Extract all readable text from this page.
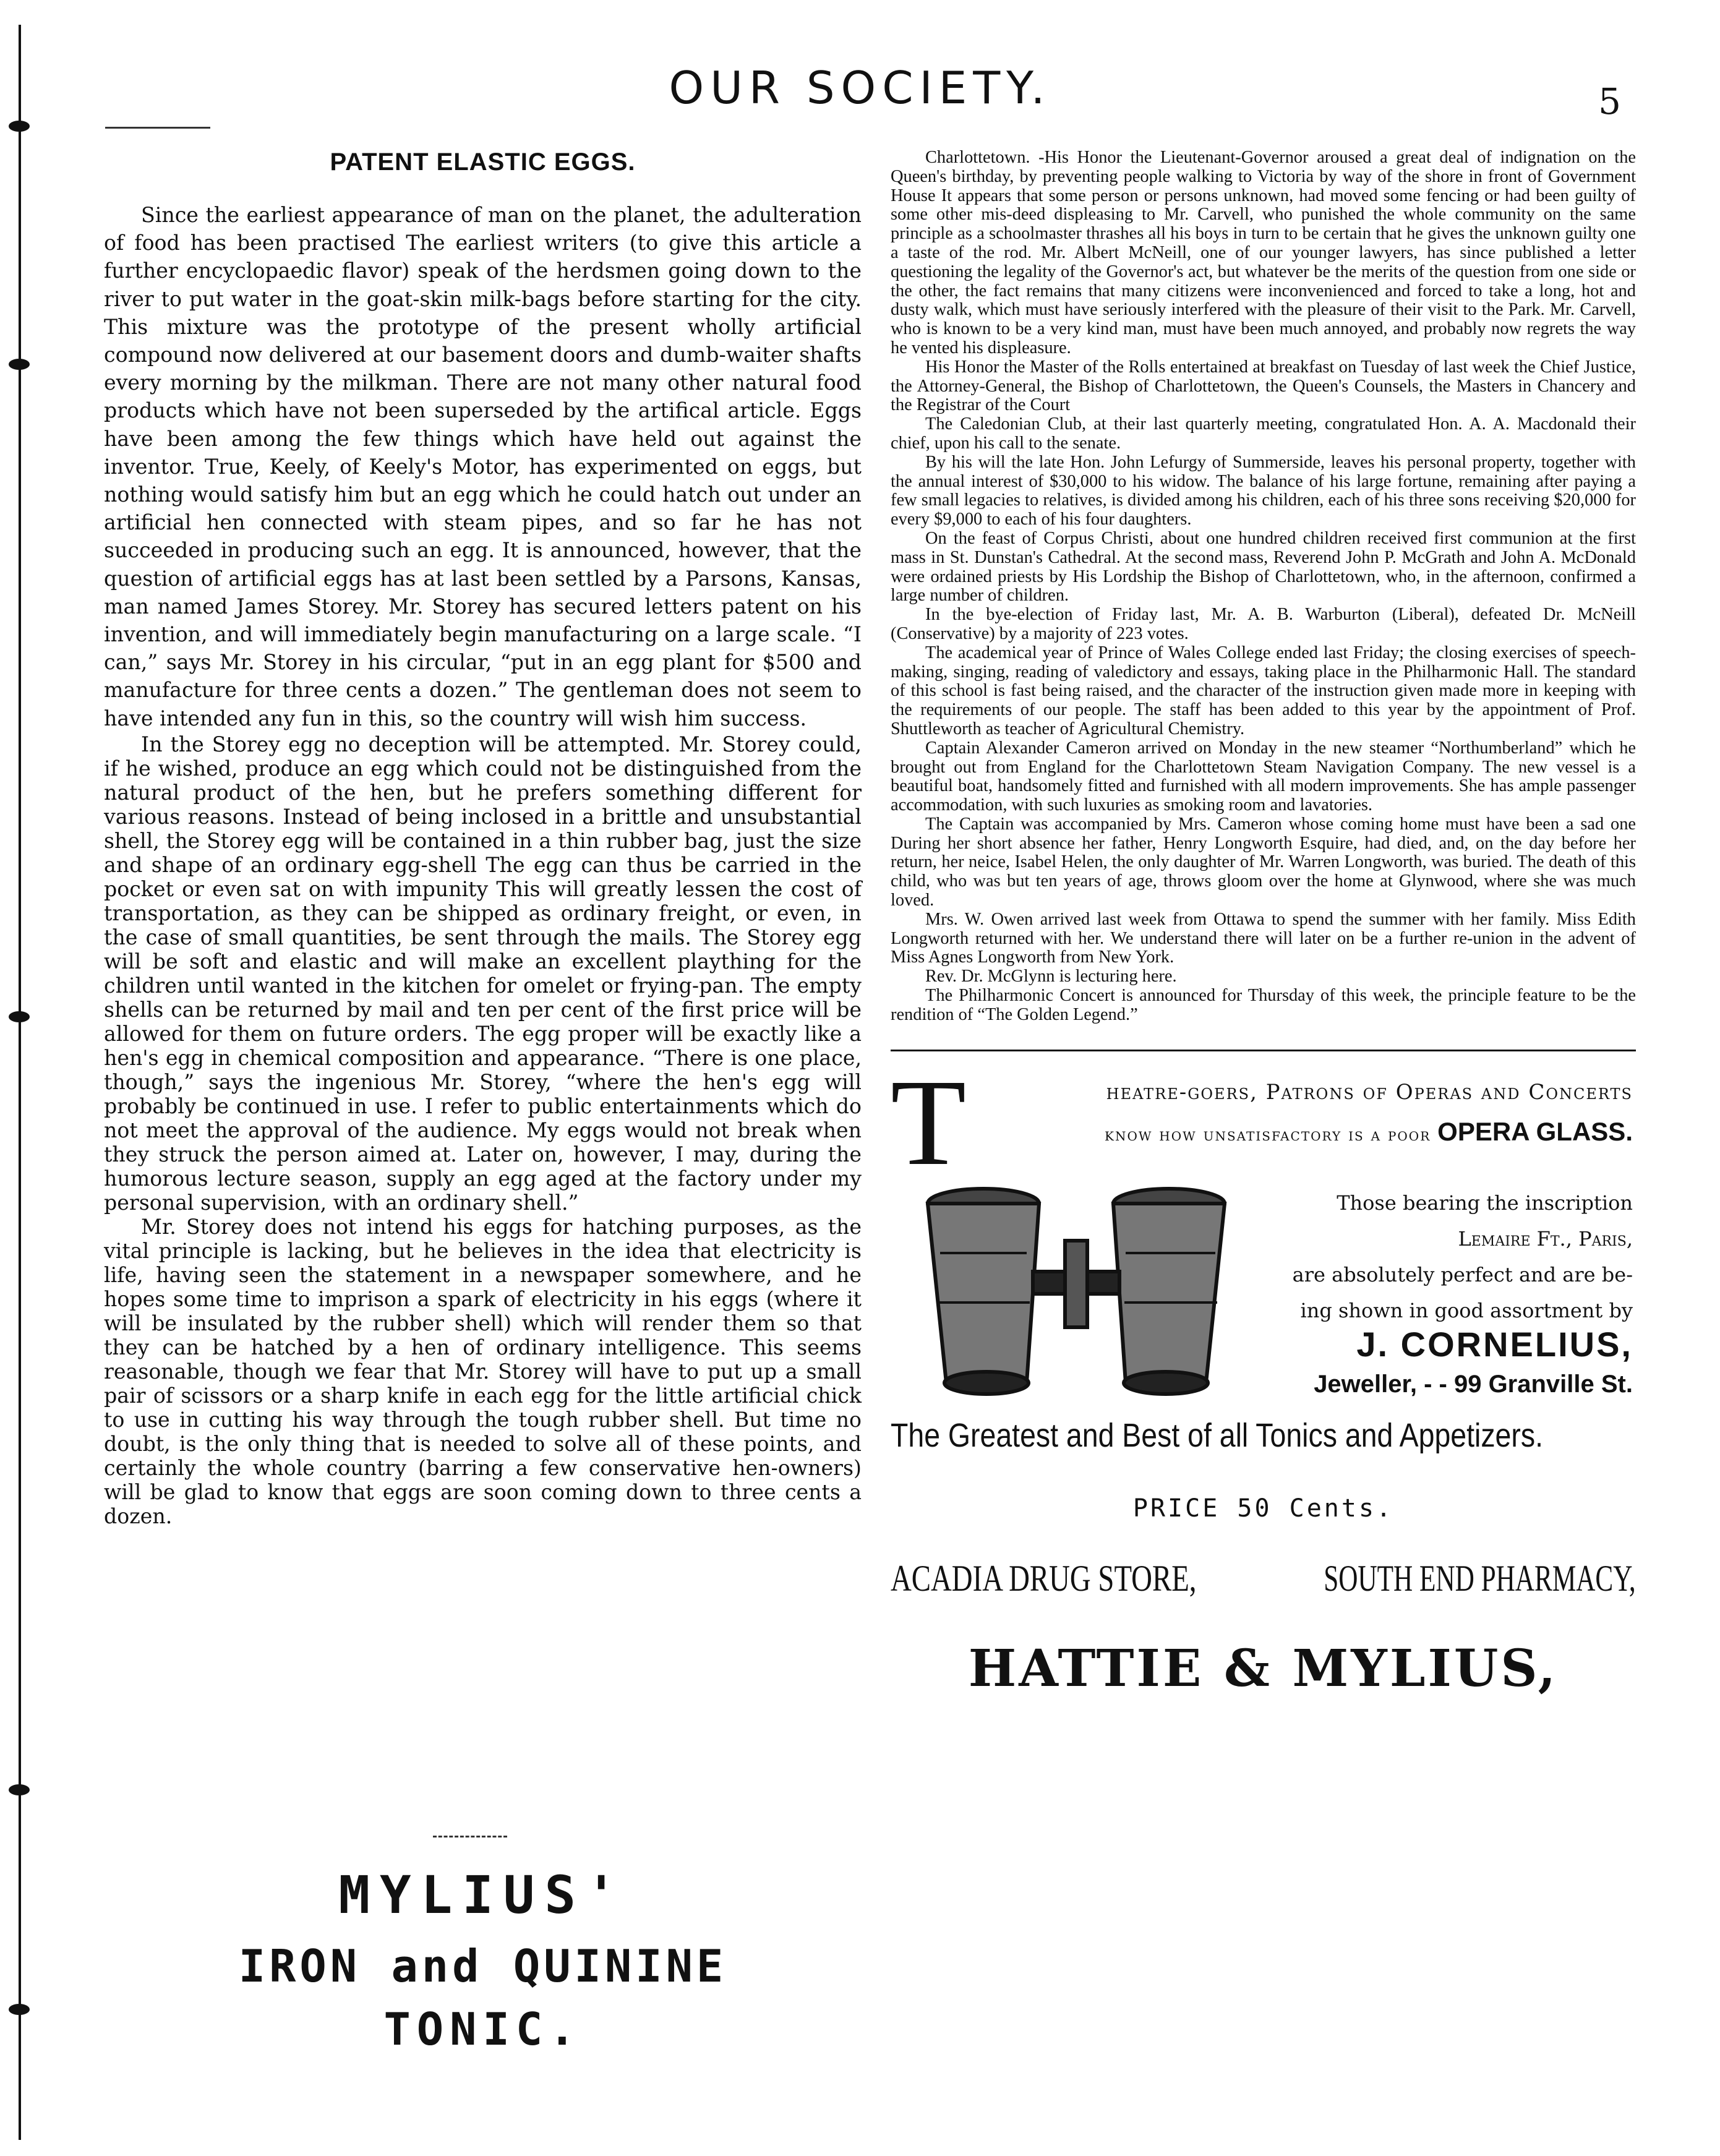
OUR SOCIETY.	5
PATENT ELASTIC EGGS.

Since the earliest appearance of man on the planet, the adulteration of food has been practised The earliest writers (to give this article a further encyclopaedic flavor) speak of the herdsmen going down to the river to put water in the goat-skin milk-bags before starting for the city. This mixture was the prototype of the present wholly artificial compound now delivered at our basement doors and dumb-waiter shafts every morning by the milkman. There are not many other natural food products which have not been superseded by the artifical article. Eggs have been among the few things which have held out against the inventor. True, Keely, of Keely's Motor, has experimented on eggs, but nothing would satisfy him but an egg which he could hatch out under an artificial hen connected with steam pipes, and so far he has not succeeded in producing such an egg. It is announced, however, that the question of artificial eggs has at last been settled by a Parsons, Kansas, man named James Storey. Mr. Storey has secured letters patent on his invention, and will immediately begin manufacturing on a large scale. “I can,” says Mr. Storey in his circular, “put in an egg plant for $500 and manufacture for three cents a dozen.” The gentleman does not seem to have intended any fun in this, so the country will wish him success.

In the Storey egg no deception will be attempted. Mr. Storey could, if he wished, produce an egg which could not be distinguished from the natural product of the hen, but he prefers something different for various reasons. Instead of being inclosed in a brittle and unsubstantial shell, the Storey egg will be contained in a thin rubber bag, just the size and shape of an ordinary egg-shell The egg can thus be carried in the pocket or even sat on with impunity This will greatly lessen the cost of transportation, as they can be shipped as ordinary freight, or even, in the case of small quantities, be sent through the mails. The Storey egg will be soft and elastic and will make an excellent plaything for the children until wanted in the kitchen for omelet or frying-pan. The empty shells can be returned by mail and ten per cent of the first price will be allowed for them on future orders. The egg proper will be exactly like a hen's egg in chemical composition and appearance. “There is one place, though,” says the ingenious Mr. Storey, “where the hen's egg will probably be continued in use. I refer to public entertainments which do not meet the approval of the audience. My eggs would not break when they struck the person aimed at. Later on, however, I may, during the humorous lecture season, supply an egg aged at the factory under my personal supervision, with an ordinary shell.”

Mr. Storey does not intend his eggs for hatching purposes, as the vital principle is lacking, but he believes in the idea that electricity is life, having seen the statement in a newspaper somewhere, and he hopes some time to imprison a spark of electricity in his eggs (where it will be insulated by the rubber shell) which will render them so that they can be hatched by a hen of ordinary intelligence. This seems reasonable, though we fear that Mr. Storey will have to put up a small pair of scissors or a sharp knife in each egg for the little artificial chick to use in cutting his way through the tough rubber shell. But time no doubt, is the only thing that is needed to solve all of these points, and certainly the whole country (barring a few conservative hen-owners) will be glad to know that eggs are soon coming down to three cents a dozen.

MYLIUS'
IRON and QUININE
TONIC.

Charlottetown. -His Honor the Lieutenant-Governor aroused a great deal of indignation on the Queen's birthday, by preventing people walking to Victoria by way of the shore in front of Government House It appears that some person or persons unknown, had moved some fencing or had been guilty of some other mis-deed displeasing to Mr. Carvell, who punished the whole community on the same principle as a schoolmaster thrashes all his boys in turn to be certain that he gives the unknown guilty one a taste of the rod. Mr. Albert McNeill, one of our younger lawyers, has since published a letter questioning the legality of the Governor's act, but whatever be the merits of the question from one side or the other, the fact remains that many citizens were inconvenienced and forced to take a long, hot and dusty walk, which must have seriously interfered with the pleasure of their visit to the Park. Mr. Carvell, who is known to be a very kind man, must have been much annoyed, and probably now regrets the way he vented his displeasure.

His Honor the Master of the Rolls entertained at breakfast on Tuesday of last week the Chief Justice, the Attorney-General, the Bishop of Charlottetown, the Queen's Counsels, the Masters in Chancery and the Registrar of the Court

The Caledonian Club, at their last quarterly meeting, congratulated Hon. A. A. Macdonald their chief, upon his call to the senate.

By his will the late Hon. John Lefurgy of Summerside, leaves his personal property, together with the annual interest of $30,000 to his widow. The balance of his large fortune, remaining after paying a few small legacies to relatives, is divided among his children, each of his three sons receiving $20,000 for every $9,000 to each of his four daughters.

On the feast of Corpus Christi, about one hundred children received first communion at the first mass in St. Dunstan's Cathedral. At the second mass, Reverend John P. McGrath and John A. McDonald were ordained priests by His Lordship the Bishop of Charlottetown, who, in the afternoon, confirmed a large number of children.

In the bye-election of Friday last, Mr. A. B. Warburton (Liberal), defeated Dr. McNeill (Conservative) by a majority of 223 votes.

The academical year of Prince of Wales College ended last Friday; the closing exercises of speech-making, singing, reading of valedictory and essays, taking place in the Philharmonic Hall. The standard of this school is fast being raised, and the character of the instruction given made more in keeping with the requirements of our people. The staff has been added to this year by the appointment of Prof. Shuttleworth as teacher of Agricultural Chemistry.

Captain Alexander Cameron arrived on Monday in the new steamer “Northumberland” which he brought out from England for the Charlottetown Steam Navigation Company. The new vessel is a beautiful boat, handsomely fitted and furnished with all modern improvements. She has ample passenger accommodation, with such luxuries as smoking room and lavatories.

The Captain was accompanied by Mrs. Cameron whose coming home must have been a sad one During her short absence her father, Henry Longworth Esquire, had died, and, on the day before her return, her neice, Isabel Helen, the only daughter of Mr. Warren Longworth, was buried. The death of this child, who was but ten years of age, throws gloom over the home at Glynwood, where she was much loved.

Mrs. W. Owen arrived last week from Ottawa to spend the summer with her family. Miss Edith Longworth returned with her. We understand there will later on be a further re-union in the advent of Miss Agnes Longworth from New York.

Rev. Dr. McGlynn is lecturing here.

The Philharmonic Concert is announced for Thursday of this week, the principle feature to be the rendition of “The Golden Legend.”

T	heatre-goers, Patrons of Operas and Concerts
know how unsatisfactory is a poor OPERA GLASS.
Those bearing the inscription
Lemaire Ft., Paris,
are absolutely perfect and are be-
ing shown in good assortment by
J. CORNELIUS,
Jeweller, - - 99 Granville St.
The Greatest and Best of all Tonics and Appetizers.
PRICE 50 Cents.
ACADIA DRUG STORE,	SOUTH END PHARMACY,
HATTIE & MYLIUS,
